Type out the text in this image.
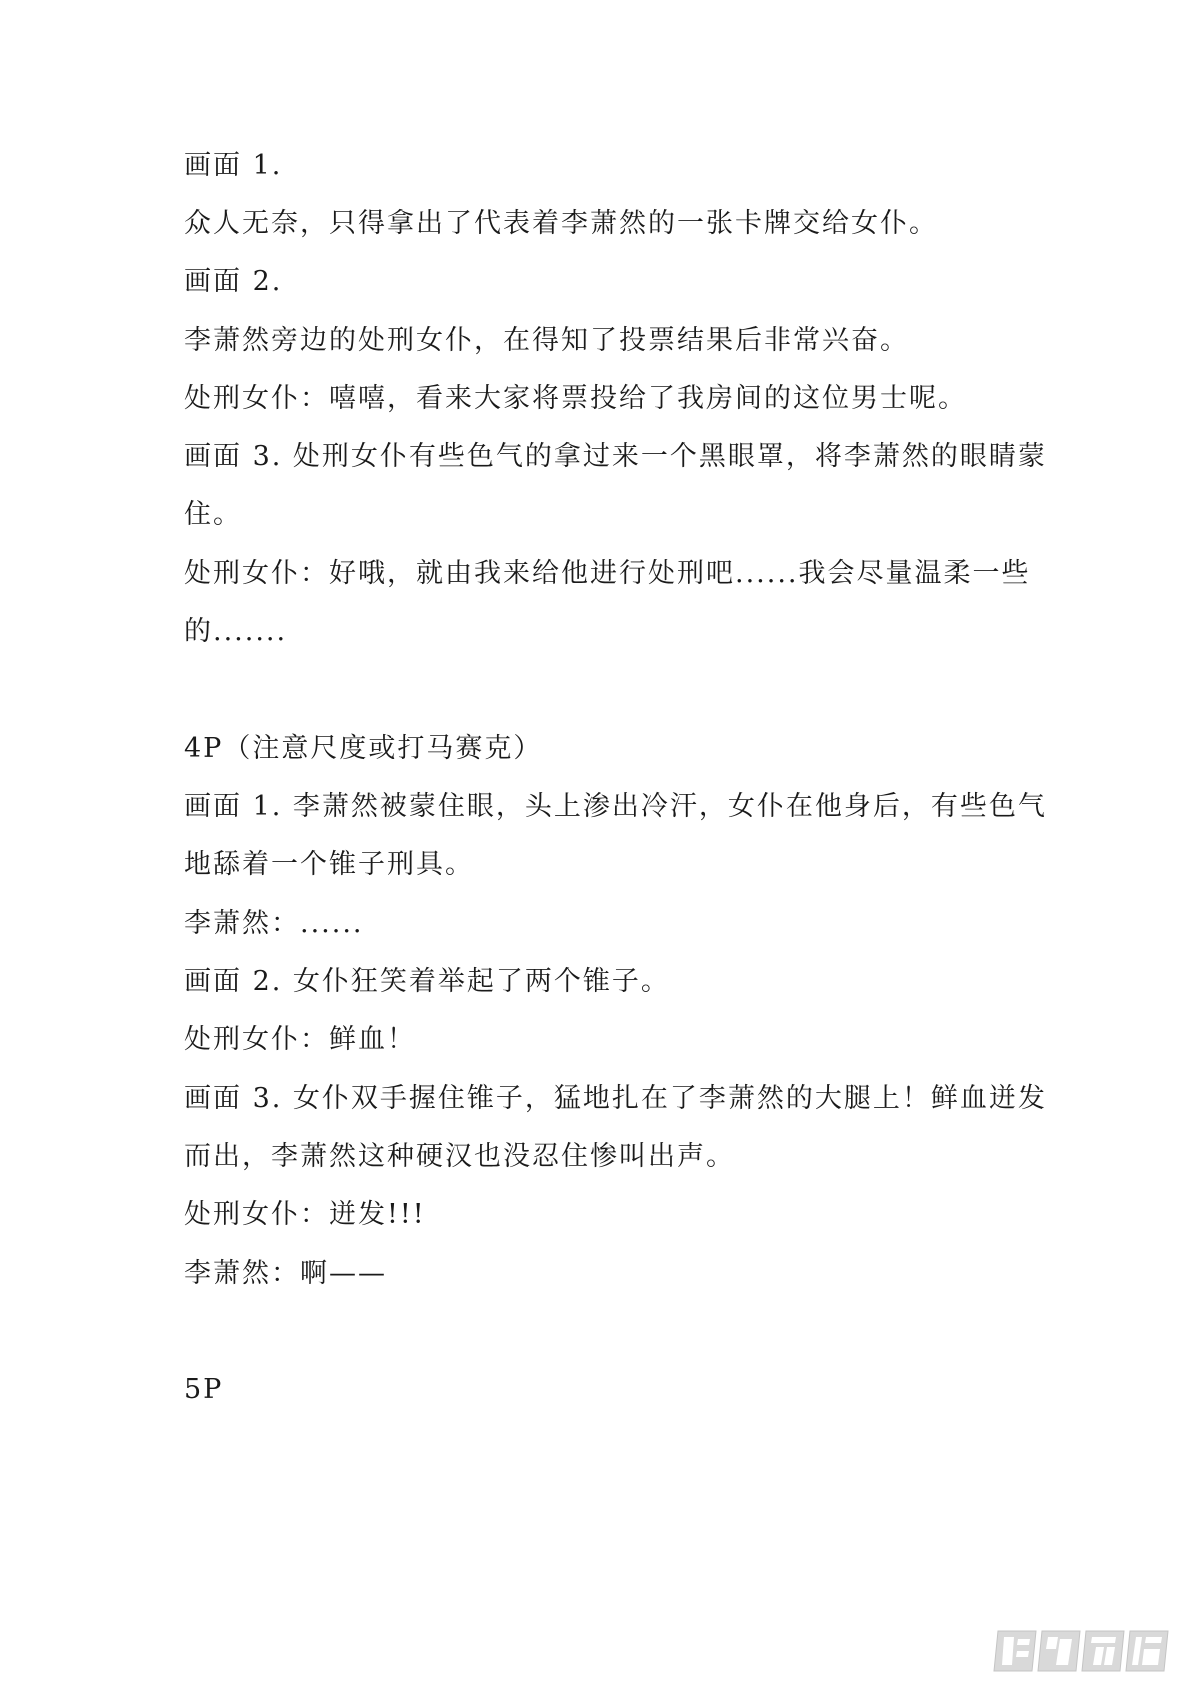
画面 1.
众人无奈，只得拿出了代表着李萧然的一张卡牌交给女仆。
画面 2.
李萧然旁边的处刑女仆，在得知了投票结果后非常兴奋。
处刑女仆：嘻嘻，看来大家将票投给了我房间的这位男士呢。
画面 3. 处刑女仆有些色气的拿过来一个黑眼罩，将李萧然的眼睛蒙
住。
处刑女仆：好哦，就由我来给他进行处刑吧......我会尽量温柔一些
的.......
4P（注意尺度或打马赛克）
画面 1. 李萧然被蒙住眼，头上渗出冷汗，女仆在他身后，有些色气
地舔着一个锥子刑具。
李萧然：......
画面 2. 女仆狂笑着举起了两个锥子。
处刑女仆：鲜血！
画面 3. 女仆双手握住锥子，猛地扎在了李萧然的大腿上！鲜血迸发
而出，李萧然这种硬汉也没忍住惨叫出声。
处刑女仆：迸发!!!
李萧然：啊——
5P
